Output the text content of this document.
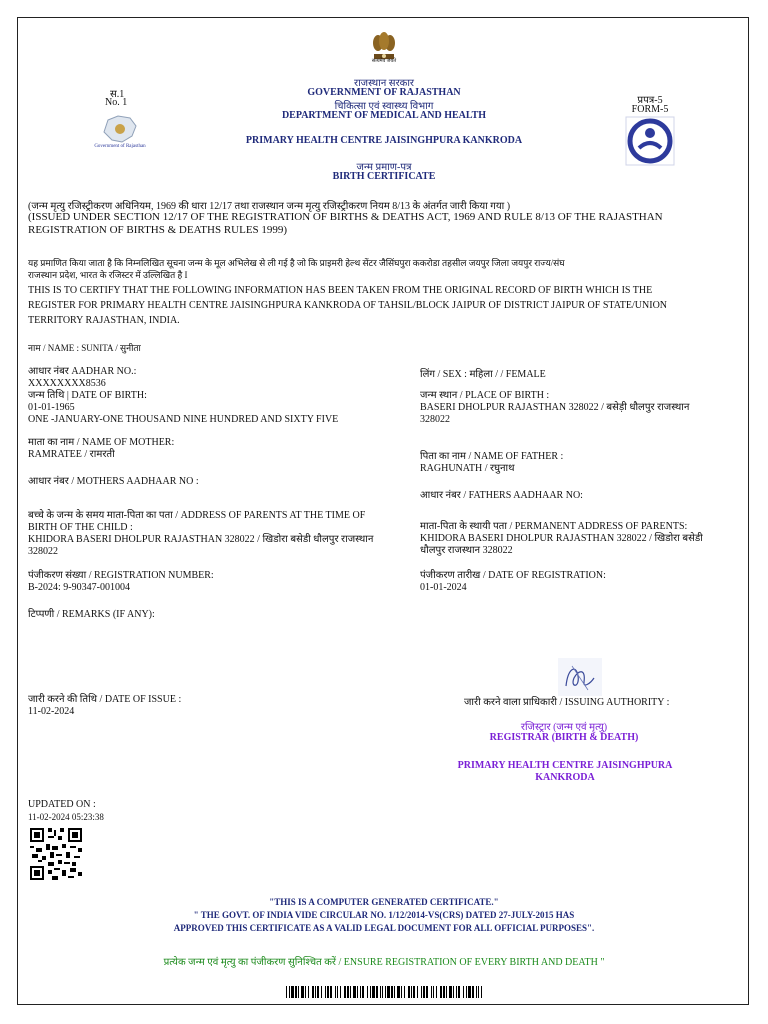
सत्यमेव जयते
स.1
No. 1
Government of Rajasthan
राजस्थान सरकार
GOVERNMENT OF RAJASTHAN
चिकित्सा एवं स्वास्थ्य विभाग
DEPARTMENT OF MEDICAL AND HEALTH
PRIMARY HEALTH CENTRE JAISINGHPURA KANKRODA
जन्म प्रमाण-पत्र
BIRTH CERTIFICATE
प्रपत्र-5
FORM-5
(जन्म मृत्यु रजिस्ट्रीकरण अधिनियम, 1969 की धारा 12/17 तथा राजस्थान जन्म मृत्यु रजिस्ट्रीकरण नियम 8/13 के अंतर्गत जारी किया गया )
(ISSUED UNDER SECTION 12/17 OF THE REGISTRATION OF BIRTHS & DEATHS ACT, 1969 AND RULE 8/13 OF THE RAJASTHAN
REGISTRATION OF BIRTHS & DEATHS RULES 1999)
यह प्रमाणित किया जाता है कि निम्नलिखित सूचना जन्म के मूल अभिलेख से ली गई है जो कि प्राइमरी हेल्थ सेंटर जैसिंघपुरा ककरोडा तहसील जयपुर जिला जयपुर राज्य/संघ
राजस्थान प्रदेश, भारत के रजिस्टर में उल्लिखित है I
THIS IS TO CERTIFY THAT THE FOLLOWING INFORMATION HAS BEEN TAKEN FROM THE ORIGINAL RECORD OF BIRTH WHICH IS THE
REGISTER FOR PRIMARY HEALTH CENTRE JAISINGHPURA KANKRODA OF TAHSIL/BLOCK JAIPUR OF DISTRICT JAIPUR OF STATE/UNION
TERRITORY RAJASTHAN, INDIA.
नाम / NAME : SUNITA / सुनीता
आधार नंबर AADHAR NO.:
XXXXXXXX8536
जन्म तिथि | DATE OF BIRTH:
01-01-1965
ONE -JANUARY-ONE THOUSAND NINE HUNDRED AND SIXTY FIVE
माता का नाम / NAME OF MOTHER:
RAMRATEE / रामरती
आधार नंबर / MOTHERS AADHAAR NO :
बच्चे के जन्म के समय माता-पिता का पता / ADDRESS OF PARENTS AT THE TIME OF
BIRTH OF THE CHILD :
KHIDORA BASERI DHOLPUR RAJASTHAN 328022 / खिडोरा बसेडी धौलपुर राजस्थान
328022
पंजीकरण संख्या / REGISTRATION NUMBER:
B-2024: 9-90347-001004
टिप्पणी / REMARKS (IF ANY):
लिंग / SEX : महिला / / FEMALE
जन्म स्थान / PLACE OF BIRTH :
BASERI DHOLPUR RAJASTHAN 328022 / बसेड़ी धौलपुर राजस्थान
328022
पिता का नाम / NAME OF FATHER :
RAGHUNATH / रघुनाथ
आधार नंबर / FATHERS AADHAAR NO:
माता-पिता के स्थायी पता / PERMANENT ADDRESS OF PARENTS:
KHIDORA BASERI DHOLPUR RAJASTHAN 328022 / खिडोरा बसेडी
धौलपुर राजस्थान 328022
पंजीकरण तारीख / DATE OF REGISTRATION:
01-01-2024
जारी करने की तिथि / DATE OF ISSUE :
11-02-2024
जारी करने वाला प्राधिकारी / ISSUING AUTHORITY :
रजिस्ट्रार (जन्म एवं मृत्यु)
REGISTRAR (BIRTH & DEATH)
PRIMARY HEALTH CENTRE JAISINGHPURA
KANKRODA
UPDATED ON :
11-02-2024 05:23:38
"THIS IS A COMPUTER GENERATED CERTIFICATE."
" THE GOVT. OF INDIA VIDE CIRCULAR NO. 1/12/2014-VS(CRS) DATED 27-JULY-2015 HAS
APPROVED THIS CERTIFICATE AS A VALID LEGAL DOCUMENT FOR ALL OFFICIAL PURPOSES".
प्रत्येक जन्म एवं मृत्यु का पंजीकरण सुनिश्चित करें / ENSURE REGISTRATION OF EVERY BIRTH AND DEATH "
